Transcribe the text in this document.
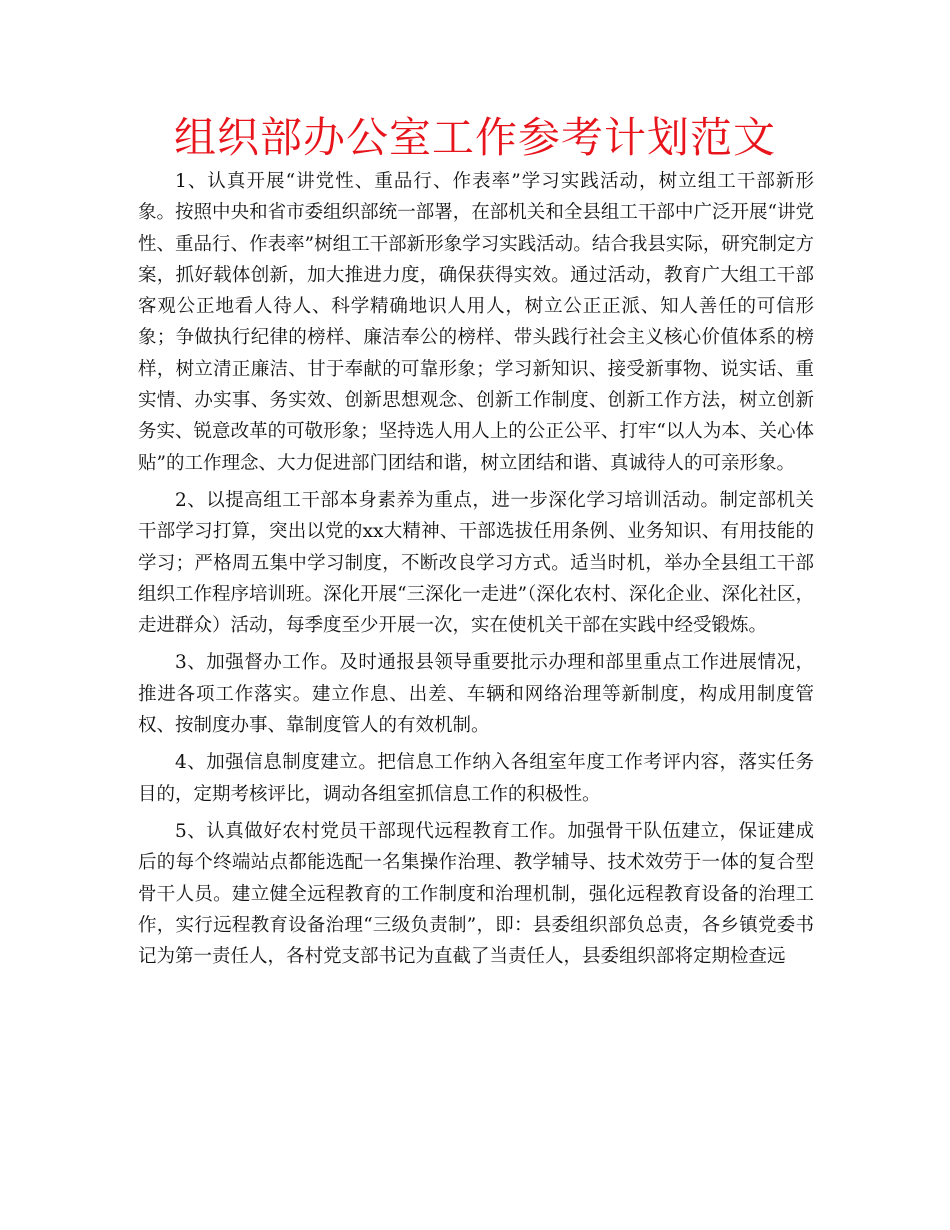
组织部办公室工作参考计划范文

1、认真开展“讲党性、重品行、作表率”学习实践活动，树立组工干部新形象。按照中央和省市委组织部统一部署，在部机关和全县组工干部中广泛开展“讲党性、重品行、作表率”树组工干部新形象学习实践活动。结合我县实际，研究制定方案，抓好载体创新，加大推进力度，确保获得实效。通过活动，教育广大组工干部客观公正地看人待人、科学精确地识人用人，树立公正正派、知人善任的可信形象；争做执行纪律的榜样、廉洁奉公的榜样、带头践行社会主义核心价值体系的榜样，树立清正廉洁、甘于奉献的可靠形象；学习新知识、接受新事物、说实话、重实情、办实事、务实效、创新思想观念、创新工作制度、创新工作方法，树立创新务实、锐意改革的可敬形象；坚持选人用人上的公正公平、打牢“以人为本、关心体贴”的工作理念、大力促进部门团结和谐，树立团结和谐、真诚待人的可亲形象。

2、以提高组工干部本身素养为重点，进一步深化学习培训活动。制定部机关干部学习打算，突出以党的xx大精神、干部选拔任用条例、业务知识、有用技能的学习；严格周五集中学习制度，不断改良学习方式。适当时机，举办全县组工干部组织工作程序培训班。深化开展“三深化一走进”（深化农村、深化企业、深化社区，走进群众）活动，每季度至少开展一次，实在使机关干部在实践中经受锻炼。

3、加强督办工作。及时通报县领导重要批示办理和部里重点工作进展情况，推进各项工作落实。建立作息、出差、车辆和网络治理等新制度，构成用制度管权、按制度办事、靠制度管人的有效机制。

4、加强信息制度建立。把信息工作纳入各组室年度工作考评内容，落实任务目的，定期考核评比，调动各组室抓信息工作的积极性。

5、认真做好农村党员干部现代远程教育工作。加强骨干队伍建立，保证建成后的每个终端站点都能选配一名集操作治理、教学辅导、技术效劳于一体的复合型骨干人员。建立健全远程教育的工作制度和治理机制，强化远程教育设备的治理工作，实行远程教育设备治理“三级负责制”，即：县委组织部负总责，各乡镇党委书记为第一责任人，各村党支部书记为直截了当责任人，县委组织部将定期检查远
